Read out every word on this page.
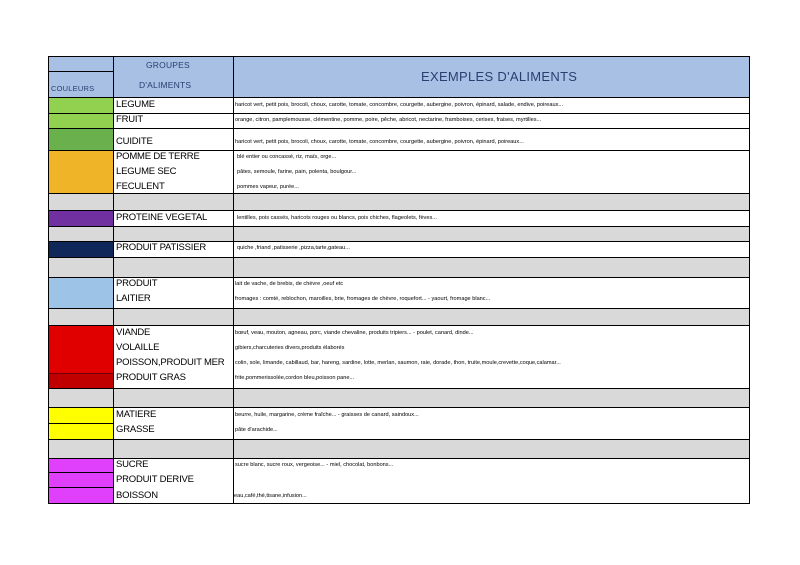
COULEURS
GROUPES
D'ALIMENTS
EXEMPLES D'ALIMENTS
LEGUME
FRUIT
CUIDITE
POMME DE TERRE
LEGUME SEC
FECULENT
PROTEINE VEGETAL
PRODUIT PATISSIER
PRODUIT
LAITIER
VIANDE
VOLAILLE
POISSON,PRODUIT MER
PRODUIT GRAS
MATIERE
GRASSE
SUCRE
PRODUIT DERIVE
BOISSON
haricot vert, petit pois, brocoli, choux, carotte, tomate, concombre, courgette, aubergine, poivron, épinard, salade, endive, poireaux...
orange, citron, pamplemousse, clémentine, pomme, poire, pêche, abricot, nectarine, framboises, cerises, fraises, myrtilles...
haricot vert, petit pois, brocoli, choux, carotte, tomate, concombre, courgette, aubergine, poivron, épinard, poireaux...
blé entier ou concassé, riz, maïs, orge...
pâtes, semoule, farine, pain, polenta, boulgour...
pommes vapeur, purée...
lentilles, pois cassés, haricots rouges ou blancs, pois chiches, flageolets, fèves...
quiche ,friand ,patisserie ,pizza,tarte,gateau...
lait de vache, de brebis, de chèvre ,oeuf etc
fromages : comté, reblochon, maroilles, brie, fromages de chèvre, roquefort... - yaourt, fromage blanc...
bœuf, veau, mouton, agneau, porc, viande chevaline, produits tripiers... - poulet, canard, dinde...
gibiers,charcuteries divers,produits élaborés
colin, sole, limande, cabillaud, bar, hareng, sardine, lotte, merlan, saumon, raie, dorade, thon, truite,moule,crevette,coque,calamar...
frite,pommerissolée,cordon bleu,poisson pane...
beurre, huile, margarine, crème fraîche... - graisses de canard, saindoux...
pâte d'arachide...
sucre blanc, sucre roux, vergeoise... - miel, chocolat, bonbons...
eau,café,thé,tisane,infusion...
